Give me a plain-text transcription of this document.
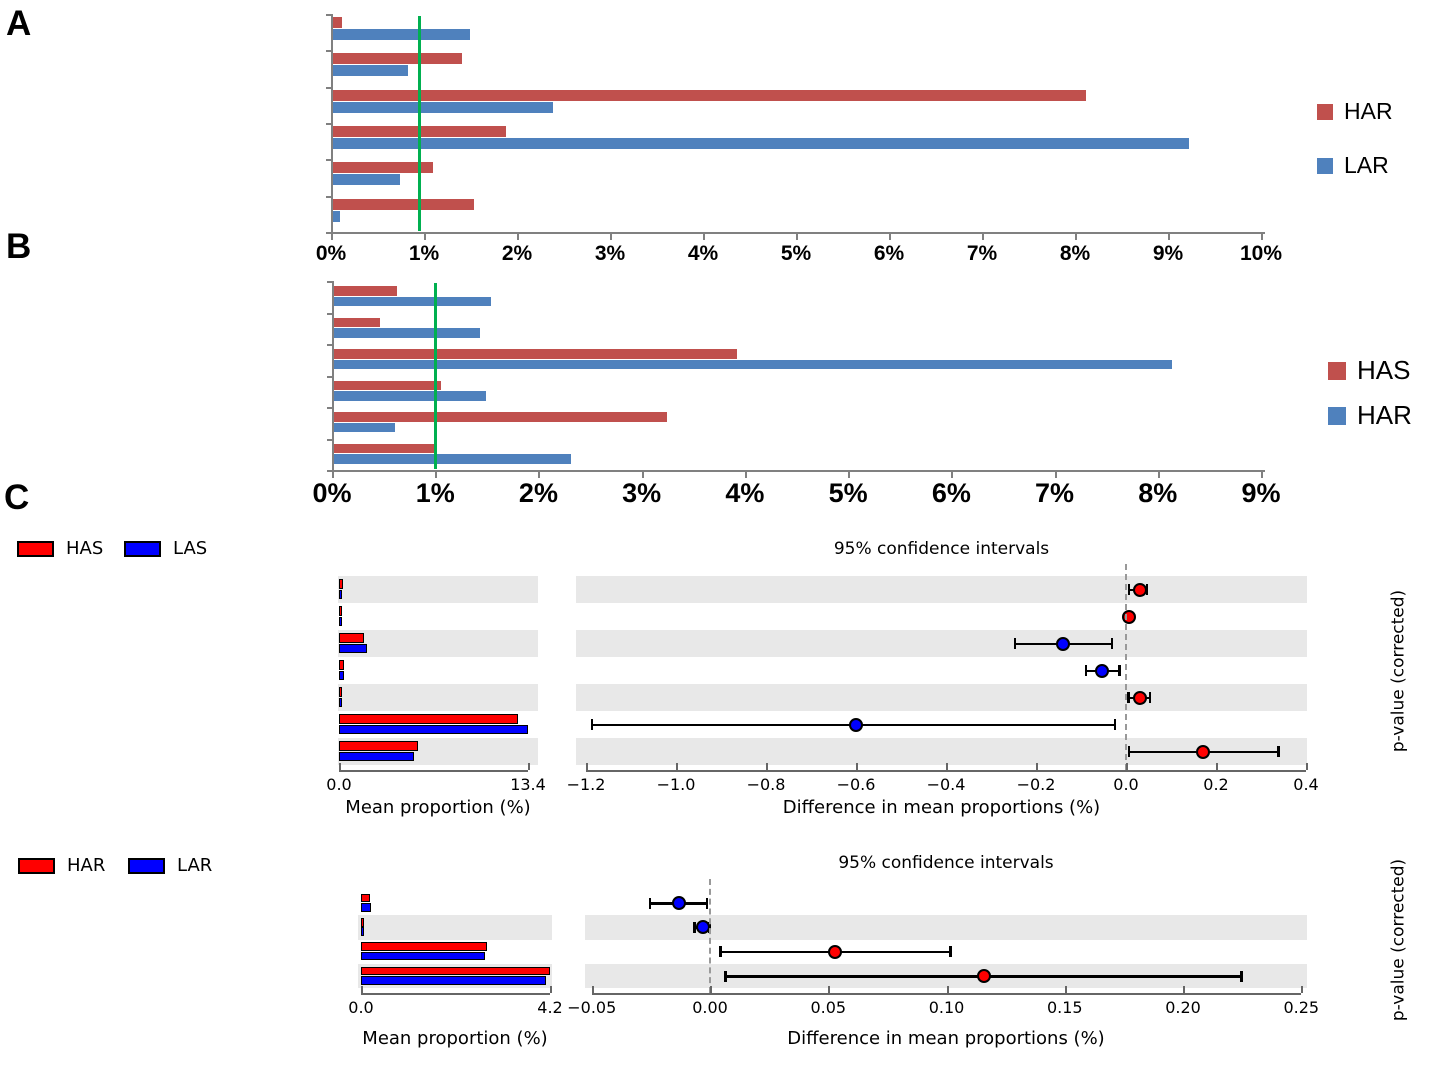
A
B
C
0%	1%	2%	3%	4%	5%	6%	7%	8%	9%	10%
HAR
LAR
0%	1%	2%	3%	4%	5%	6%	7%	8%	9%
HAS
HAR
HAS	LAS	95% confidence intervals
0.0	13.4
Mean proportion (%)
−1.2	−1.0	−0.8	−0.6	−0.4	−0.2	0.0	0.2	0.4
Difference in mean proportions (%)
p-value (corrected)
HAR	LAR	95% confidence intervals
0.0	4.2
Mean proportion (%)
−0.05	0.00	0.05	0.10	0.15	0.20	0.25
Difference in mean proportions (%)
p-value (corrected)
